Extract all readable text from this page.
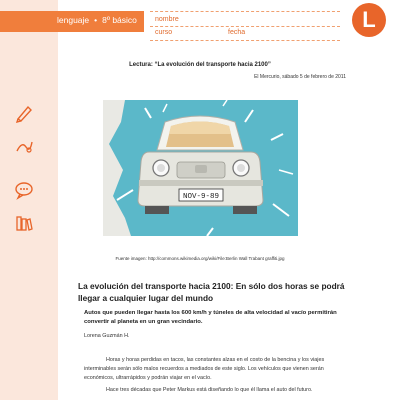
lenguaje • 8º básico	nombre
curso	fecha
L
Lectura: “La evolución del transporte hacia 2100”
El Mercurio, sábado 5 de febrero de 2011
NOV-9-89
Fuente imagen: http://commons.wikimedia.org/wiki/File:Berlin Wall Trabant graffiti.jpg
La evolución del transporte hacia 2100: En sólo dos horas se podrá llegar a cualquier lugar del mundo
Autos que pueden llegar hasta los 600 km/h y túneles de alta velocidad al vacío permitirán convertir al planeta en un gran vecindario.
Lorena Guzmán H.
Horas y horas perdidas en tacos, las constantes alzas en el costo de la bencina y los viajes interminables serán sólo malos recuerdos a mediados de este siglo. Los vehículos que vienen serán económicos, ultrarrápidos y podrán viajar en el vacío.
Hace tres décadas que Peter Markus está diseñando lo que él llama el auto del futuro.
